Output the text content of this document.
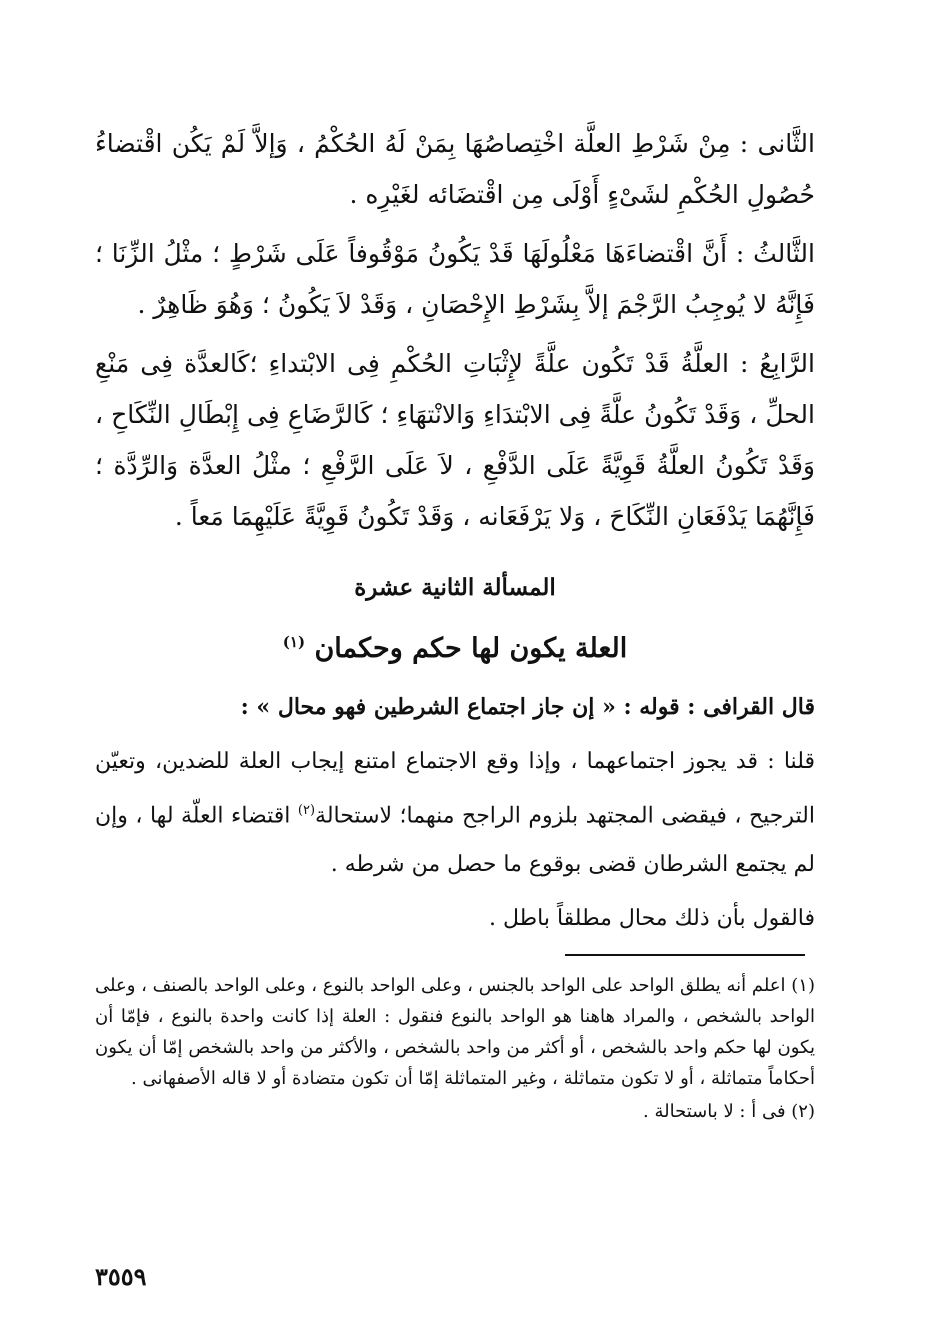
الثَّانى : مِنْ شَرْطِ العلَّة اخْتِصاصُهَا بِمَنْ لَهُ الحُكْمُ ، وَإلاَّ لَمْ يَكُن اقْتضاءُ حُصُولِ الحُكْمِ لشَىْءٍ أَوْلَى مِن اقْتضَائه لغَيْرِه .

الثَّالثُ : أَنَّ اقْتضاءَهَا مَعْلُولَهَا قَدْ يَكُونُ مَوْقُوفاً عَلَى شَرْطٍ ؛ مثْلُ الزِّنَا ؛ فَإِنَّهُ لا يُوجِبُ الرَّجْمَ إلاَّ بِشَرْطِ الإِحْصَانِ ، وَقَدْ لاَ يَكُونُ ؛ وَهُوَ ظَاهِرٌ .

الرَّابِعُ : العلَّةُ قَدْ تَكُون علَّةً لإِثْبَاتِ الحُكْمِ فِى الابْتداءِ ؛كَالعدَّة فِى مَنْعِ الحلِّ ، وَقَدْ تَكُونُ علَّةً فِى الابْتدَاءِ وَالانْتهَاءِ ؛ كَالرَّضَاعِ فِى إِبْطَالِ النِّكَاحِ ، وَقَدْ تَكُونُ العلَّةُ قَوِيَّةً عَلَى الدَّفْعِ ، لاَ عَلَى الرَّفْعِ ؛ مثْلُ العدَّة وَالرِّدَّة ؛ فَإِنَّهُمَا يَدْفَعَانِ النِّكَاحَ ، وَلا يَرْفَعَانه ، وَقَدْ تَكُونُ قَوِيَّةً عَلَيْهِمَا مَعاً .

المسألة الثانية عشرة
العلة يكون لها حكم وحكمان $^{(١)}$

قال القرافى : قوله : « إن جاز اجتماع الشرطين فهو محال » :

قلنا : قد يجوز اجتماعهما ، وإذا وقع الاجتماع امتنع إيجاب العلة للضدين، وتعيّن الترجيح ، فيقضى المجتهد بلزوم الراجح منهما؛ لاستحالة$^{(٢)}$ اقتضاء العلّة لها ، وإن لم يجتمع الشرطان قضى بوقوع ما حصل من شرطه .

فالقول بأن ذلك محال مطلقاً باطل .

(١) اعلم أنه يطلق الواحد على الواحد بالجنس ، وعلى الواحد بالنوع ، وعلى الواحد بالصنف ، وعلى الواحد بالشخص ، والمراد هاهنا هو الواحد بالنوع فنقول : العلة إذا كانت واحدة بالنوع ، فإمّا أن يكون لها حكم واحد بالشخص ، أو أكثر من واحد بالشخص ، والأكثر من واحد بالشخص إمّا أن يكون أحكاماً متماثلة ، أو لا تكون متماثلة ، وغير المتماثلة إمّا أن تكون متضادة أو لا قاله الأصفهانى .

(٢) فى أ : لا باستحالة .

٣٥٥٩
